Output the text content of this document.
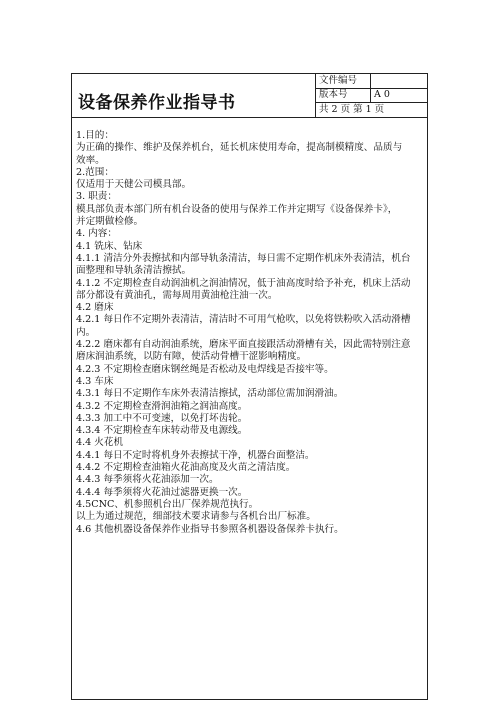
设备保养作业指导书
文件编号
版本号	A 0
共 2 页 第 1 页

1.目的：

为正确的操作、维护及保养机台，延长机床使用寿命，提高制模精度、品质与

效率。

2.范围：

仅适用于天健公司模具部。

3. 职责：

模具部负责本部门所有机台设备的使用与保养工作并定期写《设备保养卡》，

并定期做检修。

4. 内容：

4.1 铣床、钻床

4.1.1 清洁分外表擦拭和内部导轨条清洁，每日需不定期作机床外表清洁，机台

面整理和导轨条清洁擦拭。

4.1.2 不定期检查自动润油机之润油情况，低于油高度时给予补充，机床上活动

部分都设有黄油孔，需每周用黄油枪注油一次。

4.2 磨床

4.2.1 每日作不定期外表清洁，清洁时不可用气枪吹，以免将铁粉吹入活动滑槽

内。

4.2.2 磨床都有自动润油系统，磨床平面直接跟活动滑槽有关，因此需特别注意

磨床润油系统，以防有障，使活动骨槽干涩影响精度。

4.2.3 不定期检查磨床钢丝绳是否松动及电焊线是否接牢等。

4.3 车床

4.3.1 每日不定期作车床外表清洁擦拭，活动部位需加润滑油。

4.3.2 不定期检查滑润油箱之润油高度。

4.3.3 加工中不可变速，以免打坏齿轮。

4.3.4 不定期检查车床转动带及电源线。

4.4 火花机

4.4.1 每日不定时将机身外表擦拭干净，机器台面整洁。

4.4.2 不定期检查油箱火花油高度及火苗之清洁度。

4.4.3 每季须将火花油添加一次。

4.4.4 每季须将火花油过滤器更换一次。

4.5CNC、机参照机台出厂保养规范执行。

以上为通过规范，细部技术要求请参与各机台出厂标准。

4.6 其他机器设备保养作业指导书参照各机器设备保养卡执行。
